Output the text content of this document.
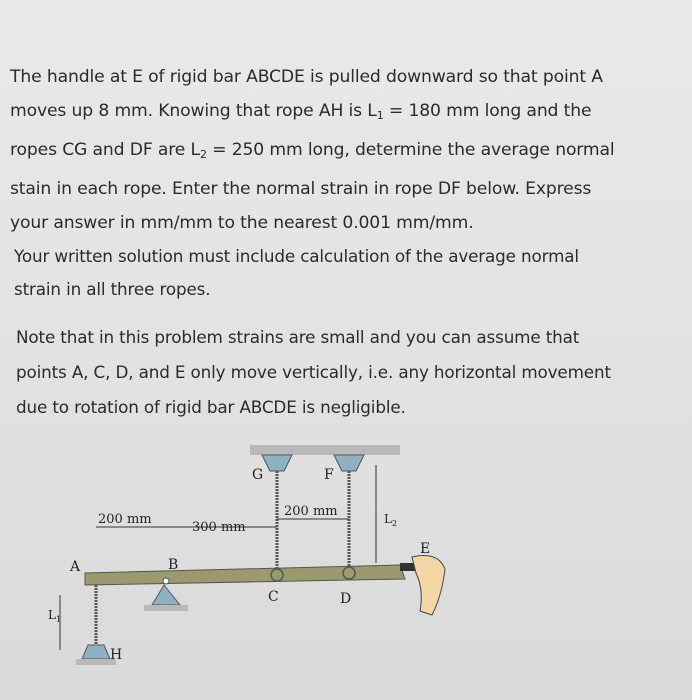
The handle at E of rigid bar ABCDE is pulled downward so that point A
moves up 8 mm. Knowing that rope AH is $L_1 = 180$ mm long and the
ropes CG and DF are $L_2 = 250$ mm long, determine the average normal
stain in each rope. Enter the normal strain in rope DF below. Express
your answer in mm/mm to the nearest 0.001 mm/mm.
Your written solution must include calculation of the average normal
strain in all three ropes.
Note that in this problem strains are small and you can assume that
points A, C, D, and E only move vertically, i.e. any horizontal movement
due to rotation of rigid bar ABCDE is negligible.
200 mm
300 mm
200 mm
A	B
C	D
E
F
G
H
$L_1$
$L_2$
